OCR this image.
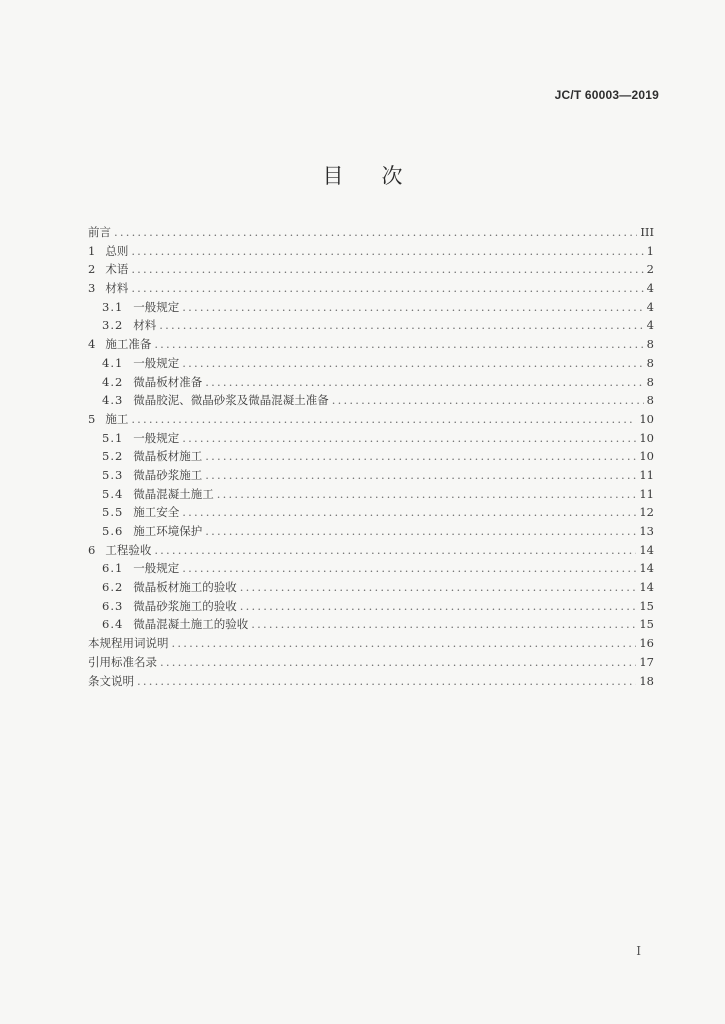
JC/T 60003—2019
目次
前言 .....	III
1 总则 .....	1
2 术语 .....	2
3 材料 .....	4
3.1 一般规定 .....	4
3.2 材料 .....	4
4 施工准备 .....	8
4.1 一般规定 .....	8
4.2 微晶板材准备 .....	8
4.3 微晶胶泥、微晶砂浆及微晶混凝土准备 .....	8
5 施工 .....	10
5.1 一般规定 .....	10
5.2 微晶板材施工 .....	10
5.3 微晶砂浆施工 .....	11
5.4 微晶混凝土施工 .....	11
5.5 施工安全 .....	12
5.6 施工环境保护 .....	13
6 工程验收 .....	14
6.1 一般规定 .....	14
6.2 微晶板材施工的验收 .....	14
6.3 微晶砂浆施工的验收 .....	15
6.4 微晶混凝土施工的验收 .....	15
本规程用词说明 .....	16
引用标准名录 .....	17
条文说明 .....	18
I
